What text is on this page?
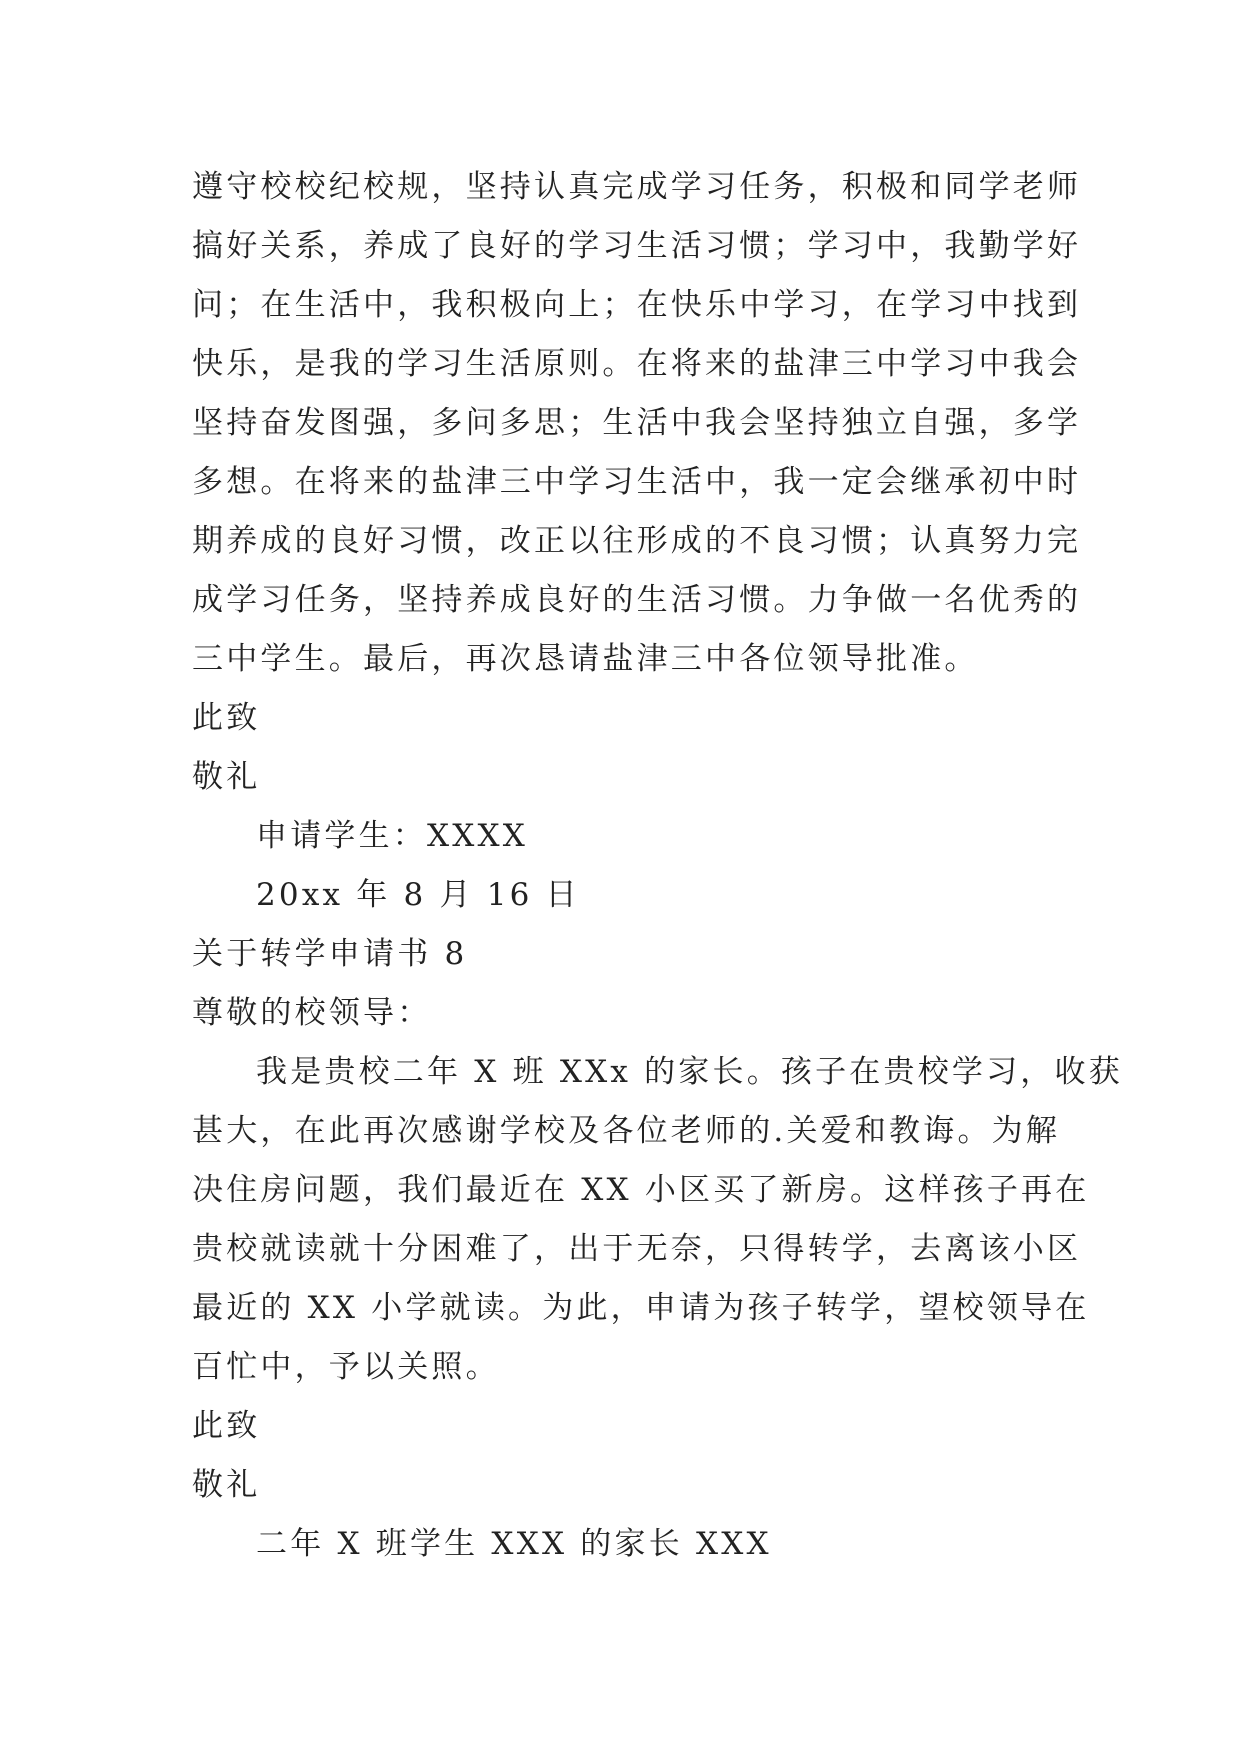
遵守校校纪校规，坚持认真完成学习任务，积极和同学老师
搞好关系，养成了良好的学习生活习惯；学习中，我勤学好
问；在生活中，我积极向上；在快乐中学习，在学习中找到
快乐，是我的学习生活原则。在将来的盐津三中学习中我会
坚持奋发图强，多问多思；生活中我会坚持独立自强，多学
多想。在将来的盐津三中学习生活中，我一定会继承初中时
期养成的良好习惯，改正以往形成的不良习惯；认真努力完
成学习任务，坚持养成良好的生活习惯。力争做一名优秀的
三中学生。最后，再次恳请盐津三中各位领导批准。
此致
敬礼
申请学生：XXXX
20xx 年 8 月 16 日
关于转学申请书 8
尊敬的校领导：
我是贵校二年 X 班 XXx 的家长。孩子在贵校学习，收获
甚大，在此再次感谢学校及各位老师的.关爱和教诲。为解
决住房问题，我们最近在 XX 小区买了新房。这样孩子再在
贵校就读就十分困难了，出于无奈，只得转学，去离该小区
最近的 XX 小学就读。为此，申请为孩子转学，望校领导在
百忙中，予以关照。
此致
敬礼
二年 X 班学生 XXX 的家长 XXX
